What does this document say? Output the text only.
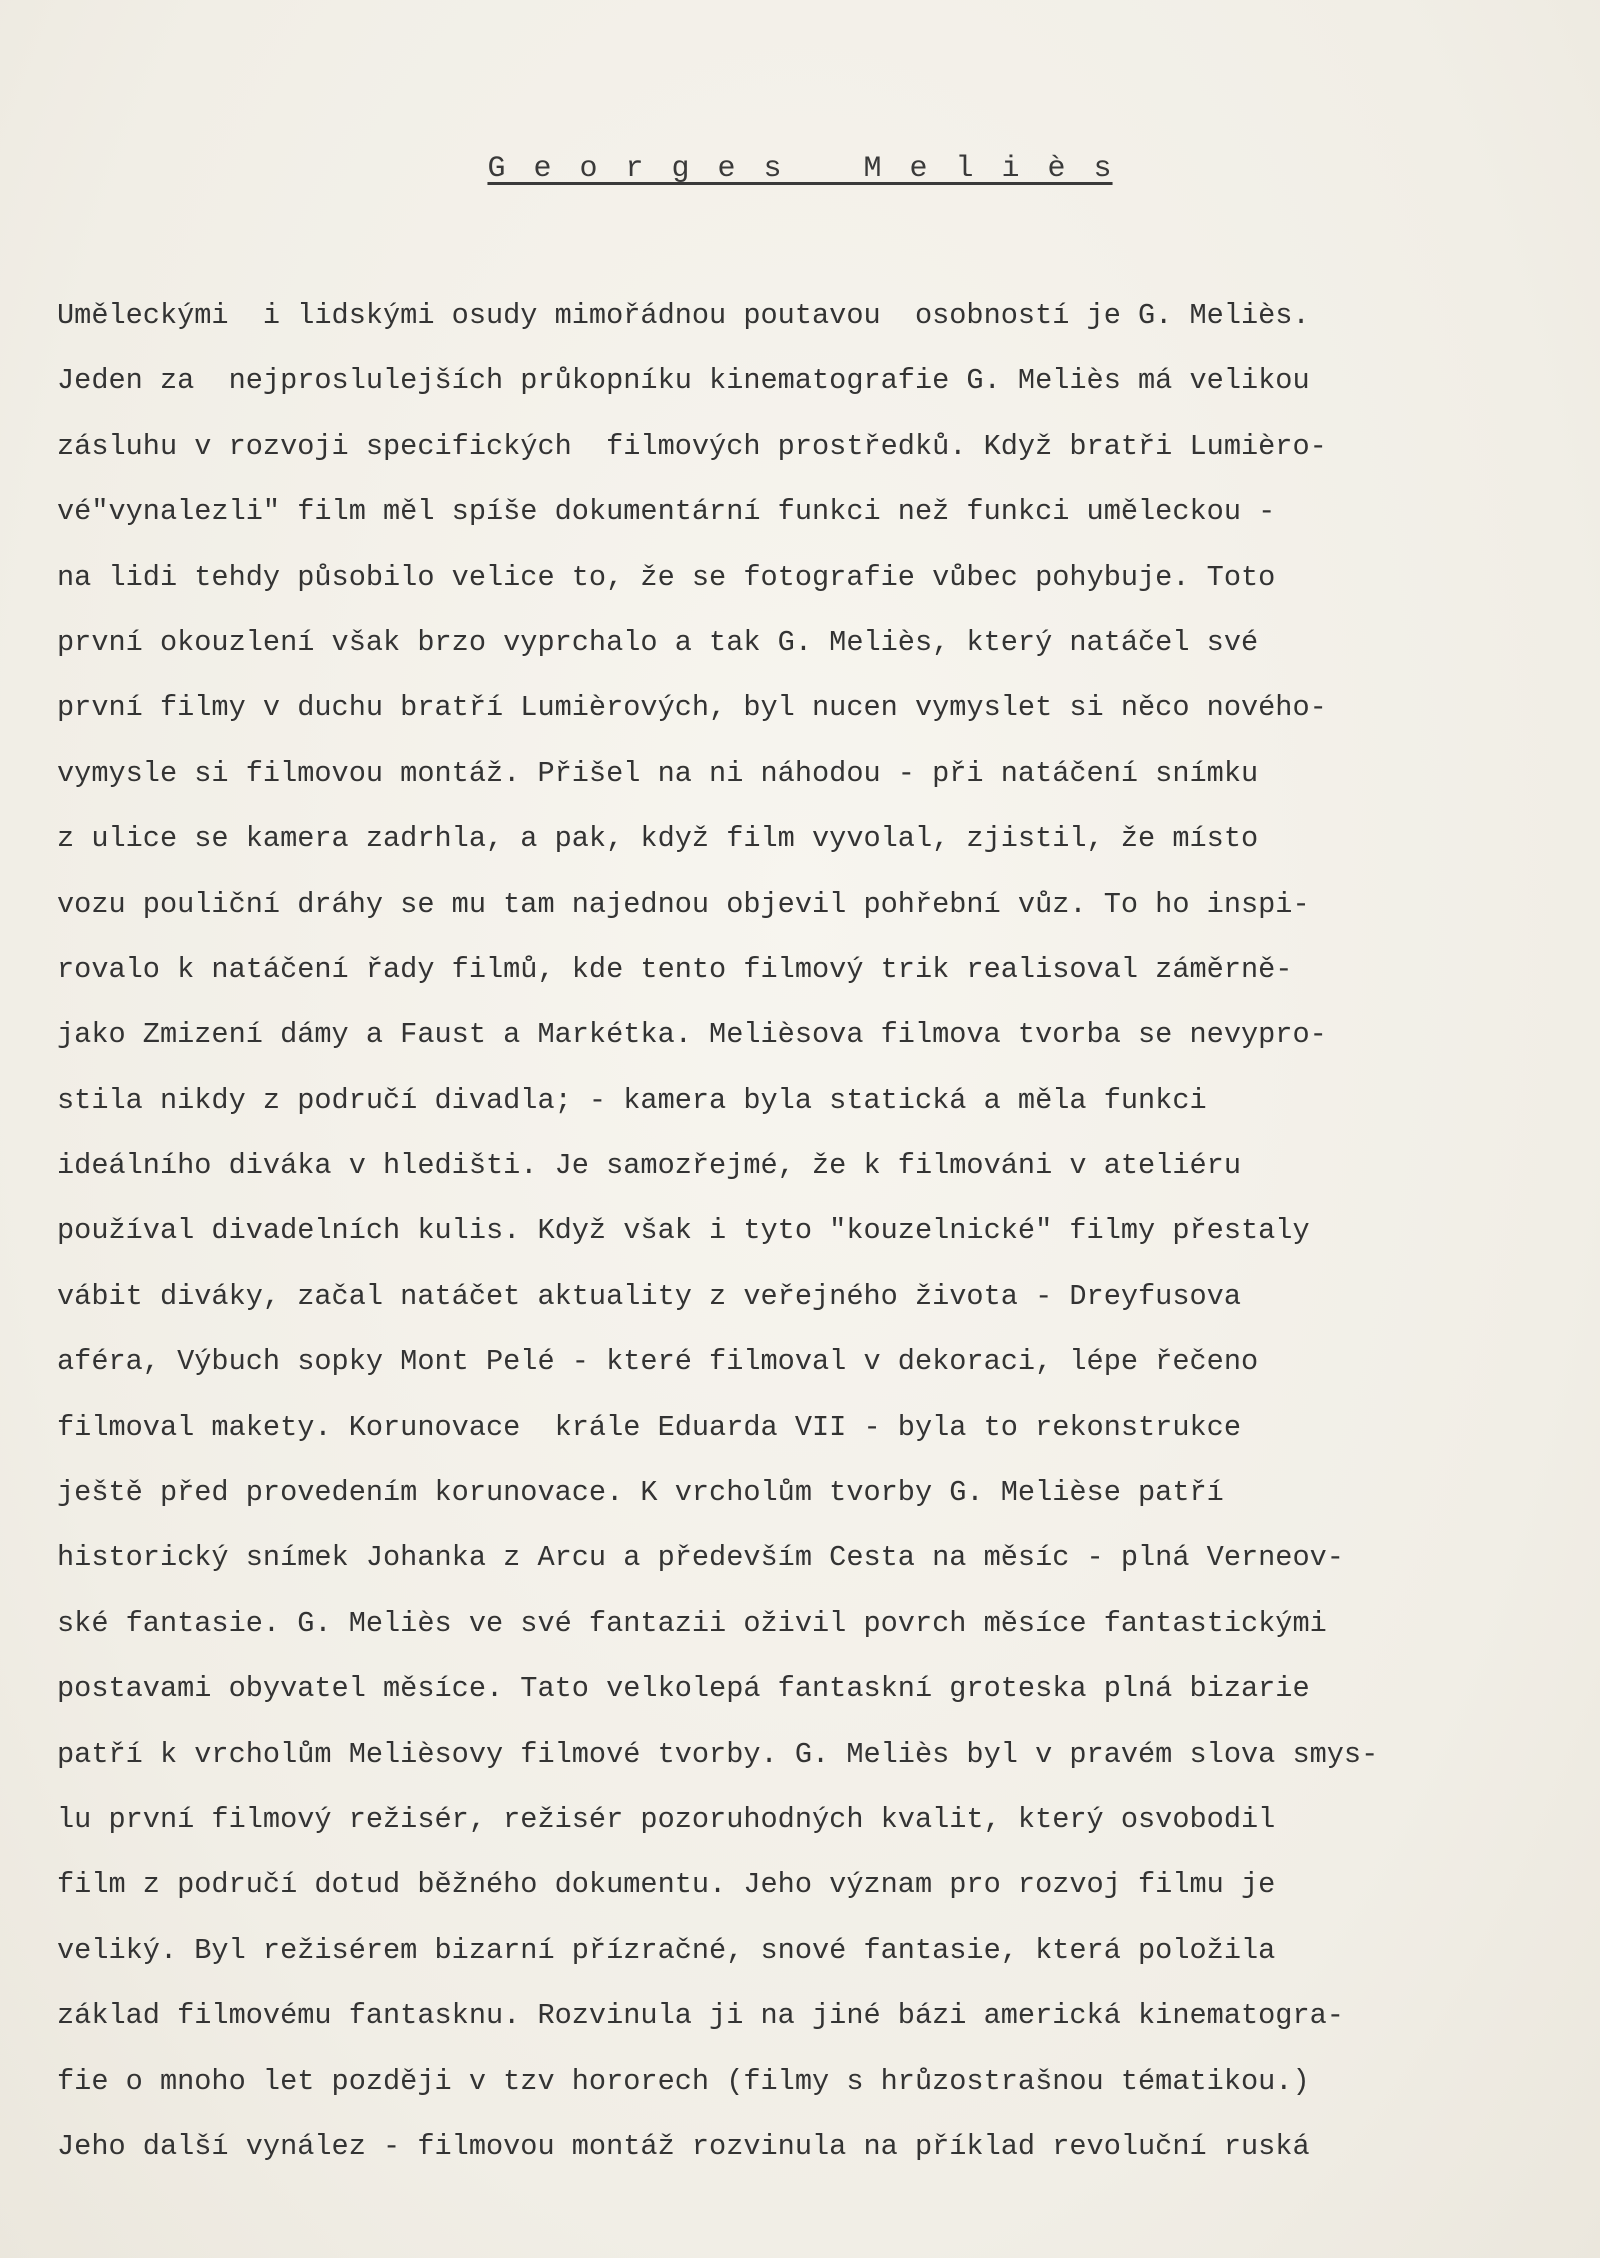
G e o r g e s   M e l i è s
Uměleckými  i lidskými osudy mimořádnou poutavou  osobností je G. Meliès.
Jeden za  nejproslulejších průkopníku kinematografie G. Meliès má velikou
zásluhu v rozvoji specifických  filmových prostředků. Když bratři Lumièro-
vé"vynalezli" film měl spíše dokumentární funkci než funkci uměleckou -
na lidi tehdy působilo velice to, že se fotografie vůbec pohybuje. Toto
první okouzlení však brzo vyprchalo a tak G. Meliès, který natáčel své
první filmy v duchu bratří Lumièrových, byl nucen vymyslet si něco nového-
vymysle si filmovou montáž. Přišel na ni náhodou - při natáčení snímku
z ulice se kamera zadrhla, a pak, když film vyvolal, zjistil, že místo
vozu pouliční dráhy se mu tam najednou objevil pohřební vůz. To ho inspi-
rovalo k natáčení řady filmů, kde tento filmový trik realisoval záměrně-
jako Zmizení dámy a Faust a Markétka. Melièsova filmova tvorba se nevypro-
stila nikdy z područí divadla; - kamera byla statická a měla funkci
ideálního diváka v hledišti. Je samozřejmé, že k filmováni v ateliéru
používal divadelních kulis. Když však i tyto "kouzelnické" filmy přestaly
vábit diváky, začal natáčet aktuality z veřejného života - Dreyfusova
aféra, Výbuch sopky Mont Pelé - které filmoval v dekoraci, lépe řečeno
filmoval makety. Korunovace  krále Eduarda VII - byla to rekonstrukce
ještě před provedením korunovace. K vrcholům tvorby G. Melièse patří
historický snímek Johanka z Arcu a především Cesta na měsíc - plná Verneov-
ské fantasie. G. Meliès ve své fantazii oživil povrch měsíce fantastickými
postavami obyvatel měsíce. Tato velkolepá fantaskní groteska plná bizarie
patří k vrcholům Melièsovy filmové tvorby. G. Meliès byl v pravém slova smys-
lu první filmový režisér, režisér pozoruhodných kvalit, který osvobodil
film z područí dotud běžného dokumentu. Jeho význam pro rozvoj filmu je
veliký. Byl režisérem bizarní přízračné, snové fantasie, která položila
základ filmovému fantasknu. Rozvinula ji na jiné bázi americká kinematogra-
fie o mnoho let později v tzv hororech (filmy s hrůzostrašnou tématikou.)
Jeho další vynález - filmovou montáž rozvinula na příklad revoluční ruská
